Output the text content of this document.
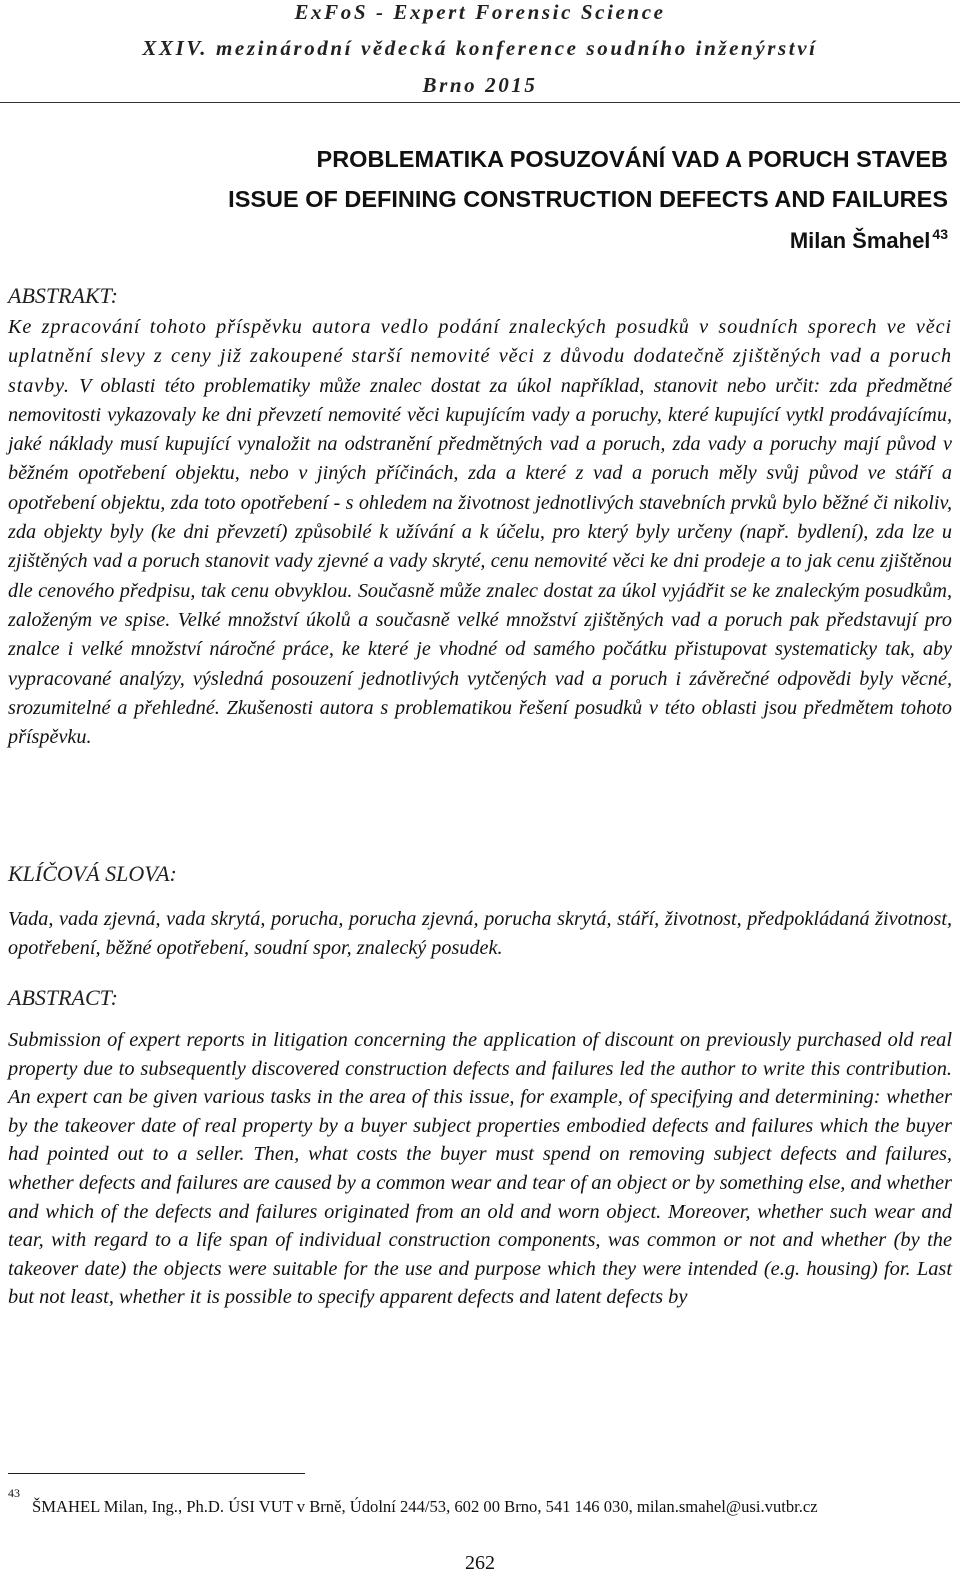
ExFoS - Expert Forensic Science
XXIV. mezinárodní vědecká konference soudního inženýrství
Brno 2015
PROBLEMATIKA POSUZOVÁNÍ VAD A PORUCH STAVEB
ISSUE OF DEFINING CONSTRUCTION DEFECTS AND FAILURES
Milan Šmahel $^{43}$
ABSTRAKT:

Ke zpracování tohoto příspěvku autora vedlo podání znaleckých posudků v soudních sporech ve věci uplatnění slevy z ceny již zakoupené starší nemovité věci z důvodu dodatečně zjištěných vad a poruch stavby. V oblasti této problematiky může znalec dostat za úkol například, stanovit nebo určit: zda předmětné nemovitosti vykazovaly ke dni převzetí nemovité věci kupujícím vady a poruchy, které kupující vytkl prodávajícímu, jaké náklady musí kupující vynaložit na odstranění předmětných vad a poruch, zda vady a poruchy mají původ v běžném opotřebení objektu, nebo v jiných příčinách, zda a které z vad a poruch měly svůj původ ve stáří a opotřebení objektu, zda toto opotřebení - s ohledem na životnost jednotlivých stavebních prvků bylo běžné či nikoliv, zda objekty byly (ke dni převzetí) způsobilé k užívání a k účelu, pro který byly určeny (např. bydlení), zda lze u zjištěných vad a poruch stanovit vady zjevné a vady skryté, cenu nemovité věci ke dni prodeje a to jak cenu zjištěnou dle cenového předpisu, tak cenu obvyklou. Současně může znalec dostat za úkol vyjádřit se ke znaleckým posudkům, založeným ve spise. Velké množství úkolů a současně velké množství zjištěných vad a poruch pak představují pro znalce i velké množství náročné práce, ke které je vhodné od samého počátku přistupovat systematicky tak, aby vypracované analýzy, výsledná posouzení jednotlivých vytčených vad a poruch i závěrečné odpovědi byly věcné, srozumitelné a přehledné. Zkušenosti autora s problematikou řešení posudků v této oblasti jsou předmětem tohoto příspěvku.

KLÍČOVÁ SLOVA:

Vada, vada zjevná, vada skrytá, porucha, porucha zjevná, porucha skrytá, stáří, životnost, předpokládaná životnost, opotřebení, běžné opotřebení, soudní spor, znalecký posudek.

ABSTRACT:

Submission of expert reports in litigation concerning the application of discount on previously purchased old real property due to subsequently discovered construction defects and failures led the author to write this contribution. An expert can be given various tasks in the area of this issue, for example, of specifying and determining: whether by the takeover date of real property by a buyer subject properties embodied defects and failures which the buyer had pointed out to a seller. Then, what costs the buyer must spend on removing subject defects and failures, whether defects and failures are caused by a common wear and tear of an object or by something else, and whether and which of the defects and failures originated from an old and worn object. Moreover, whether such wear and tear, with regard to a life span of individual construction components, was common or not and whether (by the takeover date) the objects were suitable for the use and purpose which they were intended (e.g. housing) for. Last but not least, whether it is possible to specify apparent defects and latent defects by

43

ŠMAHEL Milan, Ing., Ph.D. ÚSI VUT v Brně, Údolní 244/53, 602 00 Brno, 541 146 030, milan.smahel@usi.vutbr.cz

262
